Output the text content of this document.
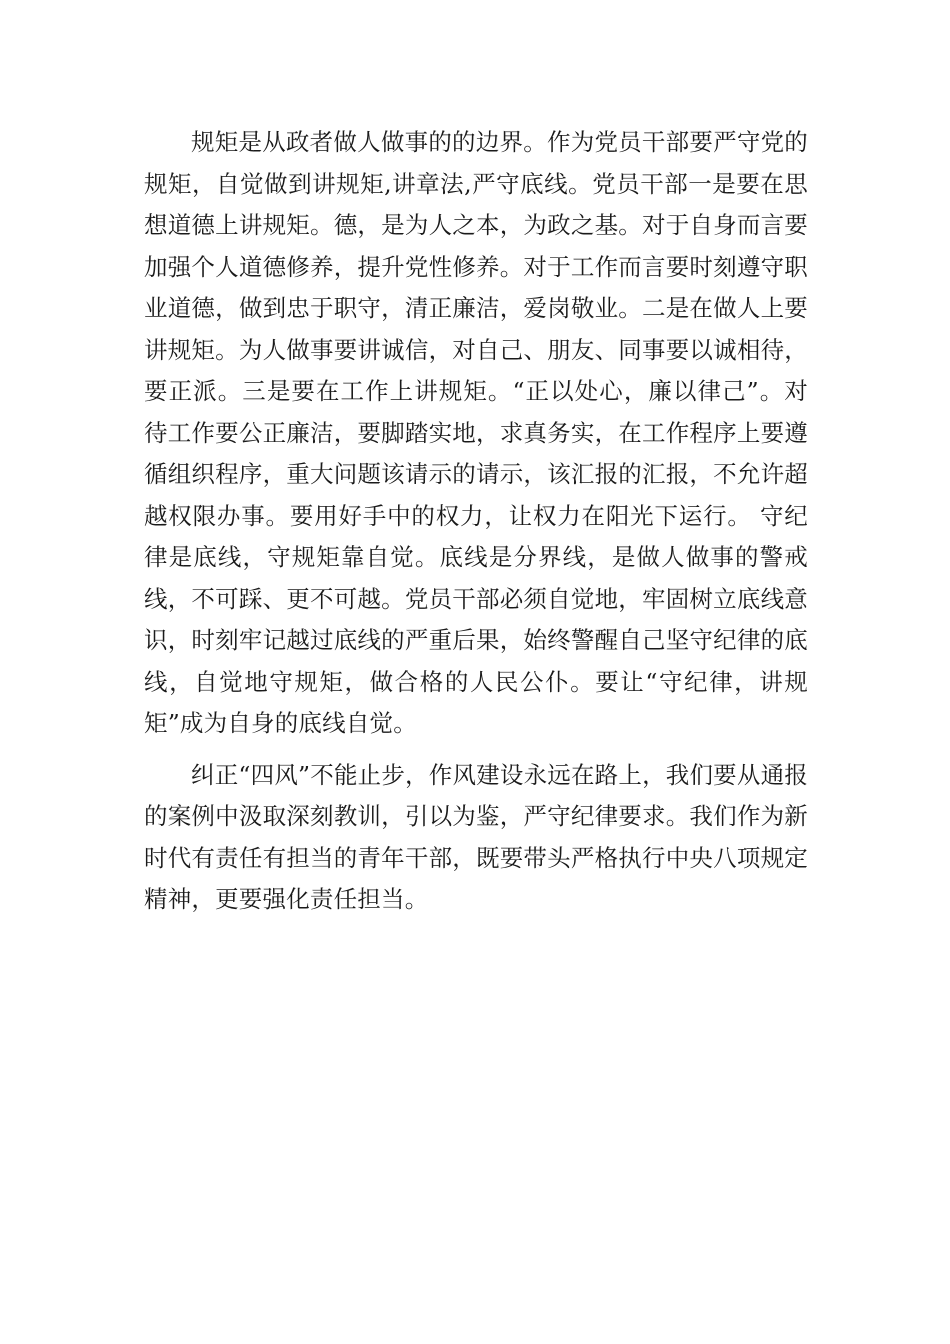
规矩是从政者做人做事的的边界。作为党员干部要严守党的规矩，自觉做到讲规矩,讲章法,严守底线。党员干部一是要在思想道德上讲规矩。德，是为人之本，为政之基。对于自身而言要加强个人道德修养，提升党性修养。对于工作而言要时刻遵守职业道德，做到忠于职守，清正廉洁，爱岗敬业。二是在做人上要讲规矩。为人做事要讲诚信，对自己、朋友、同事要以诚相待，要正派。三是要在工作上讲规矩。“正以处心，廉以律己”。对待工作要公正廉洁，要脚踏实地，求真务实，在工作程序上要遵循组织程序，重大问题该请示的请示，该汇报的汇报，不允许超越权限办事。要用好手中的权力，让权力在阳光下运行。 守纪律是底线，守规矩靠自觉。底线是分界线，是做人做事的警戒线，不可踩、更不可越。党员干部必须自觉地，牢固树立底线意识，时刻牢记越过底线的严重后果，始终警醒自己坚守纪律的底线，自觉地守规矩，做合格的人民公仆。要让“守纪律，讲规矩”成为自身的底线自觉。

纠正“四风”不能止步，作风建设永远在路上，我们要从通报的案例中汲取深刻教训，引以为鉴，严守纪律要求。我们作为新时代有责任有担当的青年干部，既要带头严格执行中央八项规定精神，更要强化责任担当。
